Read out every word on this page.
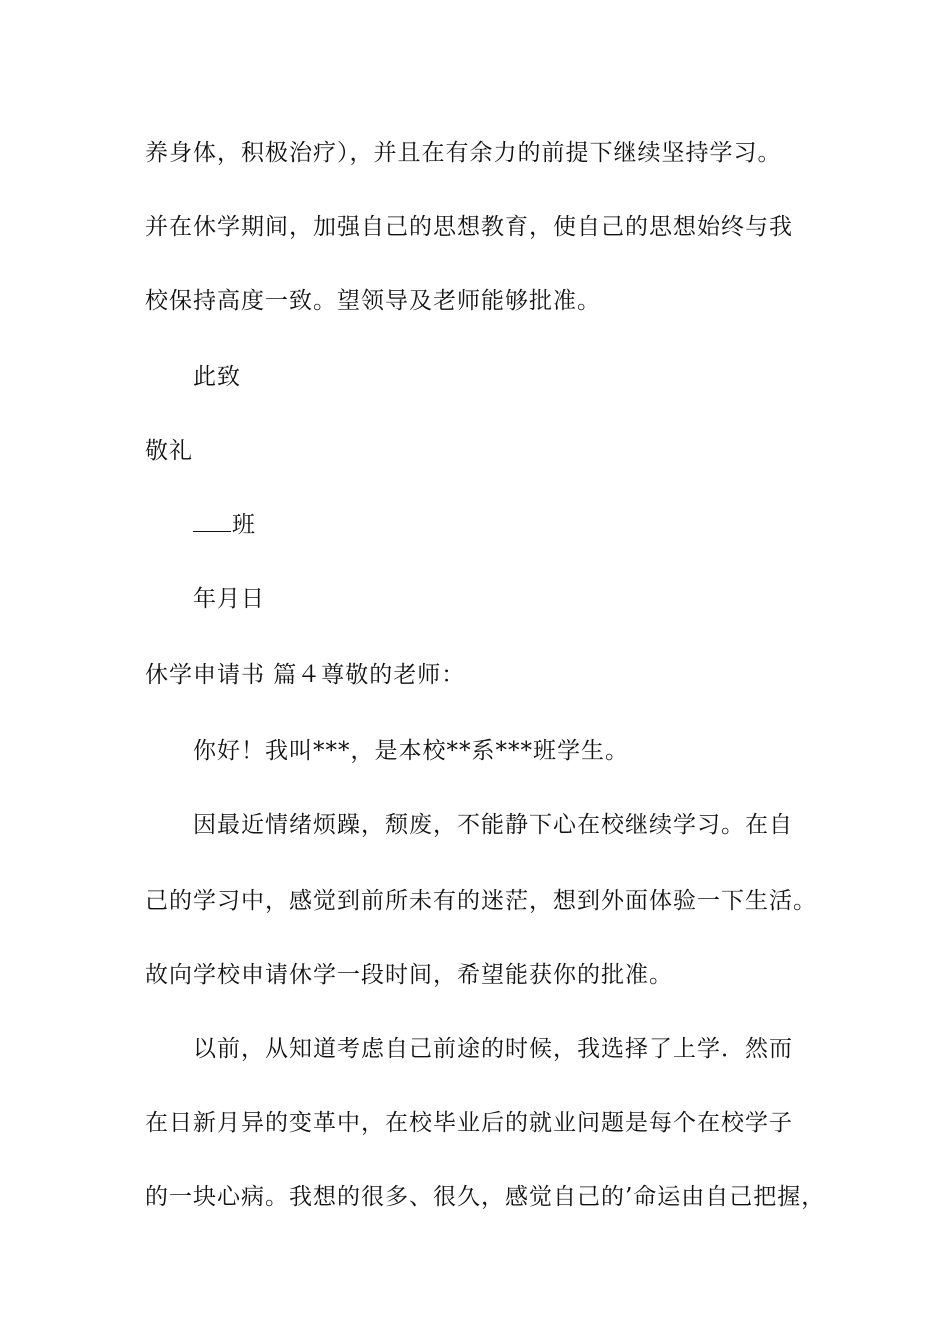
养身体，积极治疗），并且在有余力的前提下继续坚持学习。
并在休学期间，加强自己的思想教育，使自己的思想始终与我
校保持高度一致。望领导及老师能够批准。
此致
敬礼
班
年月日
休学申请书 篇４尊敬的老师：
你好！我叫***，是本校**系***班学生。
因最近情绪烦躁，颓废，不能静下心在校继续学习。在自
己的学习中，感觉到前所未有的迷茫，想到外面体验一下生活。
故向学校申请休学一段时间，希望能获你的批准。
以前，从知道考虑自己前途的时候，我选择了上学．然而
在日新月异的变革中，在校毕业后的就业问题是每个在校学子
的一块心病。我想的很多、很久，感觉自己的’命运由自己把握，
